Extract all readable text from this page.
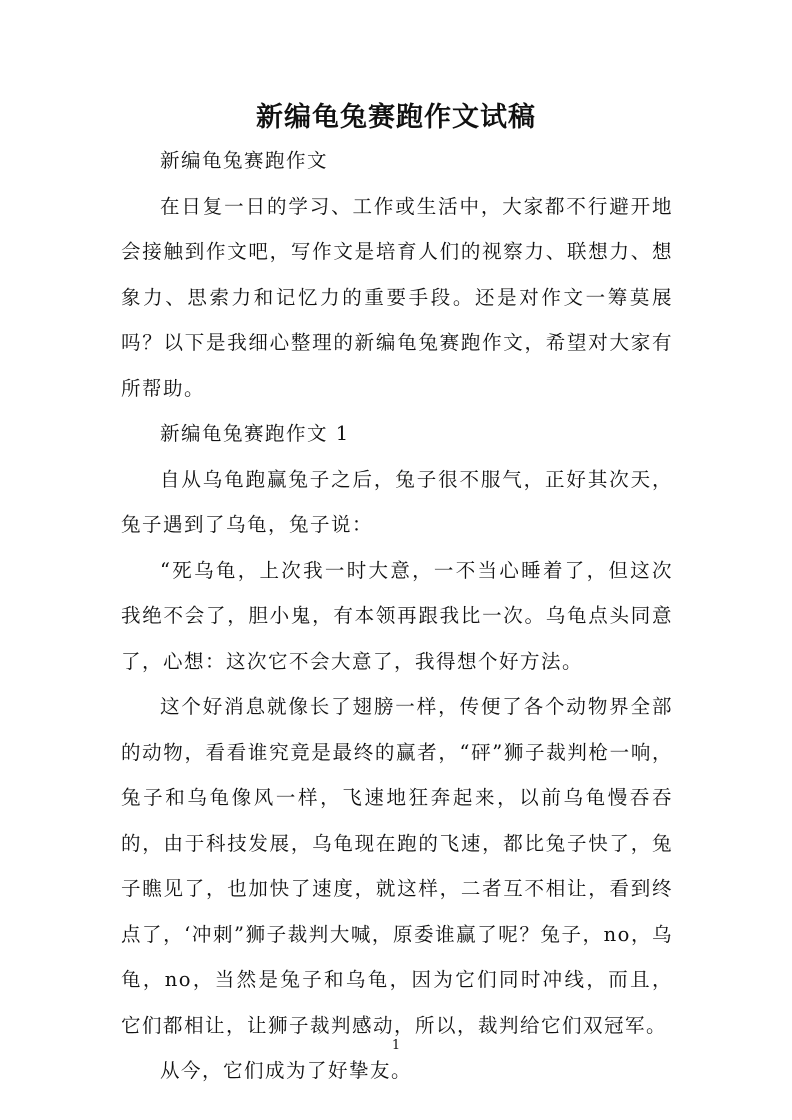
新编龟兔赛跑作文试稿

新编龟兔赛跑作文

在日复一日的学习、工作或生活中，大家都不行避开地会接触到作文吧，写作文是培育人们的视察力、联想力、想象力、思索力和记忆力的重要手段。还是对作文一筹莫展吗？以下是我细心整理的新编龟兔赛跑作文，希望对大家有所帮助。

新编龟兔赛跑作文 1

自从乌龟跑赢兔子之后，兔子很不服气，正好其次天，兔子遇到了乌龟，兔子说：

“死乌龟，上次我一时大意，一不当心睡着了，但这次我绝不会了，胆小鬼，有本领再跟我比一次。乌龟点头同意了，心想：这次它不会大意了，我得想个好方法。

这个好消息就像长了翅膀一样，传便了各个动物界全部的动物，看看谁究竟是最终的赢者，“砰”狮子裁判枪一响，兔子和乌龟像风一样，飞速地狂奔起来，以前乌龟慢吞吞的，由于科技发展，乌龟现在跑的飞速，都比兔子快了，兔子瞧见了，也加快了速度，就这样，二者互不相让，看到终点了，‘冲刺”狮子裁判大喊，原委谁赢了呢？兔子，no，乌龟，no，当然是兔子和乌龟，因为它们同时冲线，而且，它们都相让，让狮子裁判感动，所以，裁判给它们双冠军。

从今，它们成为了好挚友。

1
